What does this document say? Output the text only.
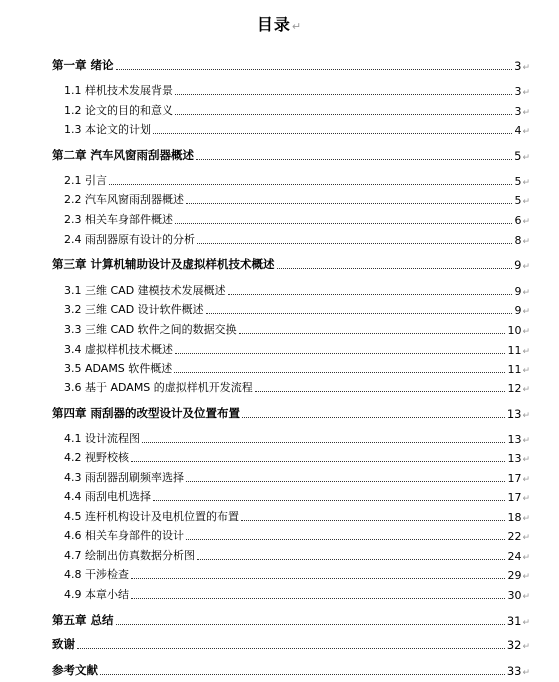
目录↵
第一章 绪论	3 ↵
1.1 样机技术发展背景	3 ↵
1.2 论文的目的和意义	3 ↵
1.3 本论文的计划	4 ↵
第二章 汽车风窗雨刮器概述	5 ↵
2.1 引言	5 ↵
2.2 汽车风窗雨刮器概述	5 ↵
2.3 相关车身部件概述	6 ↵
2.4 雨刮器原有设计的分析	8 ↵
第三章 计算机辅助设计及虚拟样机技术概述	9 ↵
3.1 三维 CAD 建模技术发展概述	9 ↵
3.2 三维 CAD 设计软件概述	9 ↵
3.3 三维 CAD 软件之间的数据交换	10 ↵
3.4 虚拟样机技术概述	11 ↵
3.5 ADAMS 软件概述	11 ↵
3.6 基于 ADAMS 的虚拟样机开发流程	12 ↵
第四章 雨刮器的改型设计及位置布置	13 ↵
4.1 设计流程图	13 ↵
4.2 视野校核	13 ↵
4.3 雨刮器刮刷频率选择	17 ↵
4.4 雨刮电机选择	17 ↵
4.5 连杆机构设计及电机位置的布置	18 ↵
4.6 相关车身部件的设计	22 ↵
4.7 绘制出仿真数据分析图	24 ↵
4.8 干涉检查	29 ↵
4.9 本章小结	30 ↵
第五章 总结	31 ↵
致谢	32 ↵
参考文献	33 ↵
